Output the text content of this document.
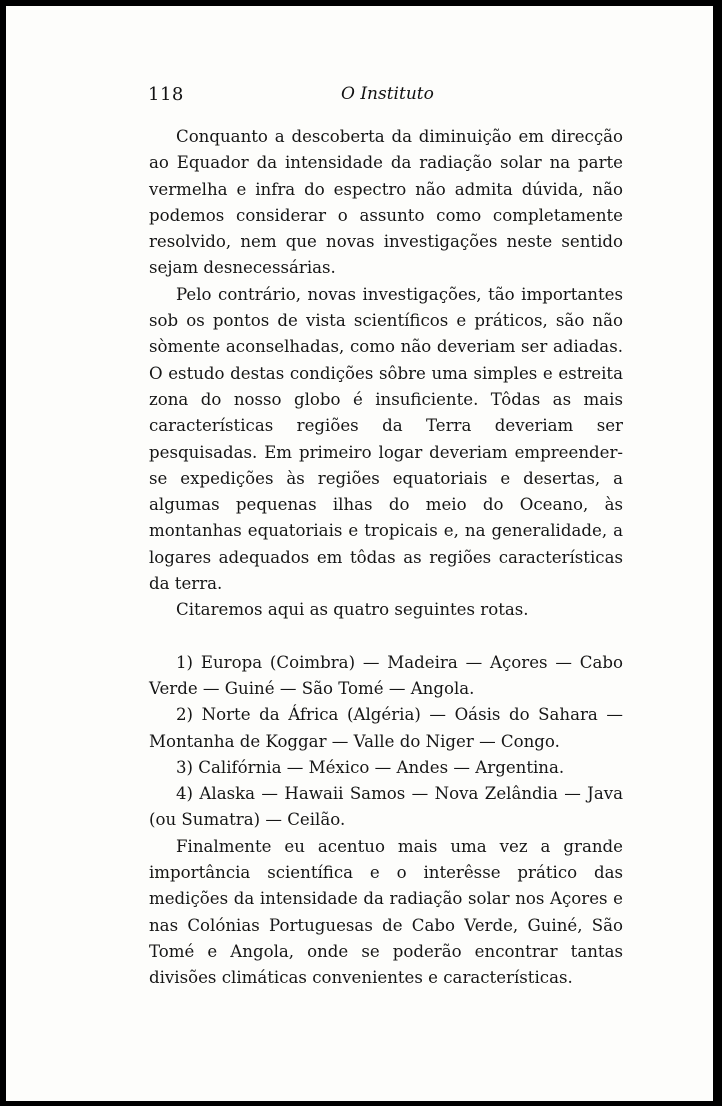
118	O Instituto

Conquanto a descoberta da diminuição em direcção ao Equador da intensidade da radiação solar na parte vermelha e infra do espectro não admita dúvida, não podemos considerar o assunto como completamente resolvido, nem que novas investigações neste sentido sejam desnecessárias.

Pelo contrário, novas investigações, tão importantes sob os pontos de vista scientíficos e práticos, são não sòmente aconselhadas, como não deveriam ser adiadas. O estudo destas condições sôbre uma simples e estreita zona do nosso globo é insuficiente. Tôdas as mais características regiões da Terra deveriam ser pesquisadas. Em primeiro logar deveriam empreender-se expedições às regiões equatoriais e desertas, a algumas pequenas ilhas do meio do Oceano, às montanhas equatoriais e tropicais e, na generalidade, a logares adequados em tôdas as regiões características da terra.

Citaremos aqui as quatro seguintes rotas.

1) Europa (Coimbra) — Madeira — Açores — Cabo Verde — Guiné — São Tomé — Angola.

2) Norte da África (Algéria) — Oásis do Sahara — Montanha de Koggar — Valle do Niger — Congo.

3) Califórnia — México — Andes — Argentina.

4) Alaska — Hawaii Samos — Nova Zelândia — Java (ou Sumatra) — Ceilão.

Finalmente eu acentuo mais uma vez a grande importância scientífica e o interêsse prático das medições da intensidade da radiação solar nos Açores e nas Colónias Portuguesas de Cabo Verde, Guiné, São Tomé e Angola, onde se poderão encontrar tantas divisões climáticas convenientes e características.
